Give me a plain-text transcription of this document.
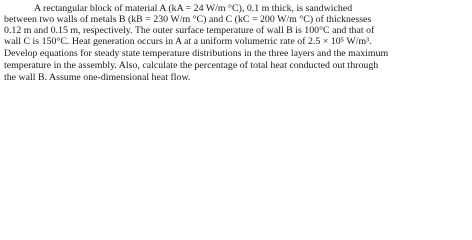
A rectangular block of material A (kA = 24 W/m °C), 0.1 m thick, is sandwiched

between two walls of metals B (kB = 230 W/m °C) and C (kC = 200 W/m °C) of thicknesses

0.12 m and 0.15 m, respectively. The outer surface temperature of wall B is 100°C and that of

wall C is 150°C. Heat generation occurs in A at a uniform volumetric rate of 2.5 × 10⁵ W/m³.

Develop equations for steady state temperature distributions in the three layers and the maximum

temperature in the assembly. Also, calculate the percentage of total heat conducted out through

the wall B. Assume one-dimensional heat flow.
